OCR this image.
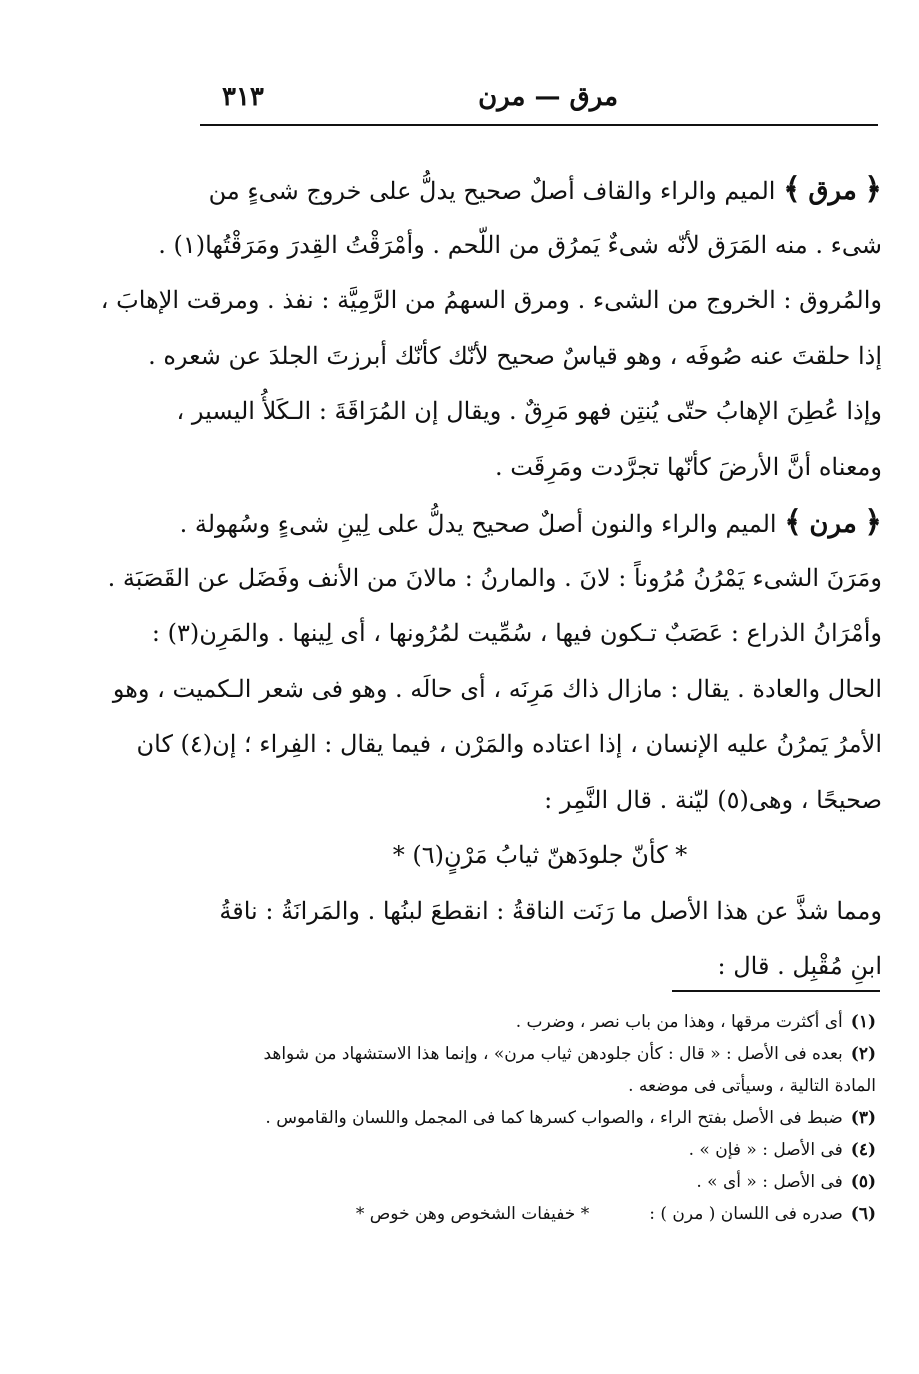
مرق — مرن
٣١٣
﴿ مرق ﴾ المیم والراء والقاف أصلٌ صحیح یدلُّ علی خروج شیءٍ من
شیء . منه المَرَق لأنّه شیءٌ یَمرُق من اللّحم . وأمْرَقْتُ القِدرَ ومَرَقْتُها(١) .
والمُروق : الخروج من الشیء . ومرق السهمُ من الرَّمِیَّة : نفذ . ومرقت الإهابَ ،
إذا حلقتَ عنه صُوفَه ، وهو قیاسٌ صحیح لأنّك كأنّك أبرزتَ الجلدَ عن شعره .
وإذا عُطِنَ الإهابُ حتّى یُنتِن فهو مَرِقٌ . ویقال إن المُرَاقَةَ : الـكَلأُ الیسیر ،
ومعناه أنَّ الأرضَ كأنّها تجرَّدت ومَرِقَت .
﴿ مرن ﴾ المیم والراء والنون أصلٌ صحیح یدلُّ على لِینِ شیءٍ وسُهولة .
ومَرَنَ الشیء یَمْرُنُ مُرُوناً : لانَ . والمارنُ : مالانَ من الأنف وفَضَل عن القَصَبَة .
وأمْرَانُ الذراع : عَصَبٌ تـكون فیها ، سُمِّیت لمُرُونها ، أی لِینها . والمَرِن(٣) :
الحال والعادة . یقال : مازال ذاك مَرِنَه ، أی حالَه . وهو فی شعر الـكمیت ، وهو
الأمرُ یَمرُنُ علیه الإنسان ، إذا اعتاده والمَرْن ، فیما یقال : الفِراء ؛ إن(٤) كان
صحیحًا ، وهی(٥) لیّنة . قال النَّمِر :
* كأنّ جلودَهنّ ثیابُ مَرْنٍ(٦) *
ومما شذَّ عن هذا الأصل ما رَنَت الناقةُ : انقطعَ لبنُها . والمَرانَةُ : ناقةُ
ابنِ مُقْبِل . قال :
(١)أی أكثرت مرقها ، وهذا من باب نصر ، وضرب .
(٢)بعده فی الأصل : « قال : كأن جلودهن ثیاب مرن» ، وإنما هذا الاستشهاد من شواهد
المادة التالیة ، وسیأتی فی موضعه .
(٣)ضبط فی الأصل بفتح الراء ، والصواب كسرها كما فی المجمل واللسان والقاموس .
(٤)فی الأصل : « فإن » .
(٥)فی الأصل : « أی » .
(٦)صدره فی اللسان ( مرن ) :
* خفیفات الشخوص وهن خوص *
